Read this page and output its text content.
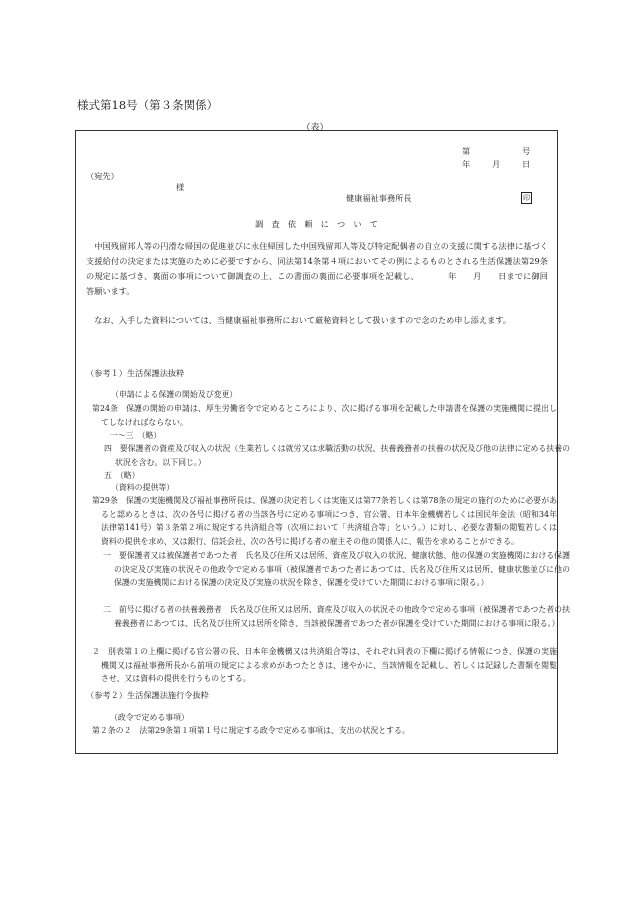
様式第18号（第３条関係）
（表）
第	号
年	月	日
（宛先）
様
健康福祉事務所長	印
調　査　依　頼　に　つ　い　て
　中国残留邦人等の円滑な帰国の促進並びに永住帰国した中国残留邦人等及び特定配偶者の自立の支援に関する法律に基づく支援給付の決定または実施のために必要ですから、同法第14条第４項においてその例によるものとされる生活保護法第29条の規定に基づき、裏面の事項について御調査の上、この書面の裏面に必要事項を記載し、　　　　年　　月　　日までに御回答願います。
　なお、入手した資料については、当健康福祉事務所において厳秘資料として扱いますので念のため申し添えます。
（参考１）生活保護法抜粋
（申請による保護の開始及び変更）
第24条　保護の開始の申請は、厚生労働省令で定めるところにより、次に掲げる事項を記載した申請書を保護の実施機関に提出してしなければならない。
一～三　（略）
四　要保護者の資産及び収入の状況（生業若しくは就労又は求職活動の状況、扶養義務者の扶養の状況及び他の法律に定める扶養の状況を含む。以下同じ。）
五　（略）
（資料の提供等）
第29条　保護の実施機関及び福祉事務所長は、保護の決定若しくは実施又は第77条若しくは第78条の規定の施行のために必要があると認めるときは、次の各号に掲げる者の当該各号に定める事項につき、官公署、日本年金機構若しくは国民年金法（昭和34年法律第141号）第３条第２項に規定する共済組合等（次項において「共済組合等」という。）に対し、必要な書類の閲覧若しくは資料の提供を求め、又は銀行、信託会社、次の各号に掲げる者の雇主その他の関係人に、報告を求めることができる。
一　要保護者又は被保護者であつた者　氏名及び住所又は居所、資産及び収入の状況、健康状態、他の保護の実施機関における保護の決定及び実施の状況その他政令で定める事項（被保護者であつた者にあつては、氏名及び住所又は居所、健康状態並びに他の保護の実施機関における保護の決定及び実施の状況を除き、保護を受けていた期間における事項に限る。）
二　前号に掲げる者の扶養義務者　氏名及び住所又は居所、資産及び収入の状況その他政令で定める事項（被保護者であつた者の扶養義務者にあつては、氏名及び住所又は居所を除き、当該被保護者であつた者が保護を受けていた期間における事項に限る。）
２　別表第１の上欄に掲げる官公署の長、日本年金機構又は共済組合等は、それぞれ同表の下欄に掲げる情報につき、保護の実施機関又は福祉事務所長から前項の規定による求めがあつたときは、速やかに、当該情報を記載し、若しくは記録した書類を閲覧させ、又は資料の提供を行うものとする。
（参考２）生活保護法施行令抜粋
（政令で定める事項）
第２条の２　法第29条第１項第１号に規定する政令で定める事項は、支出の状況とする。
